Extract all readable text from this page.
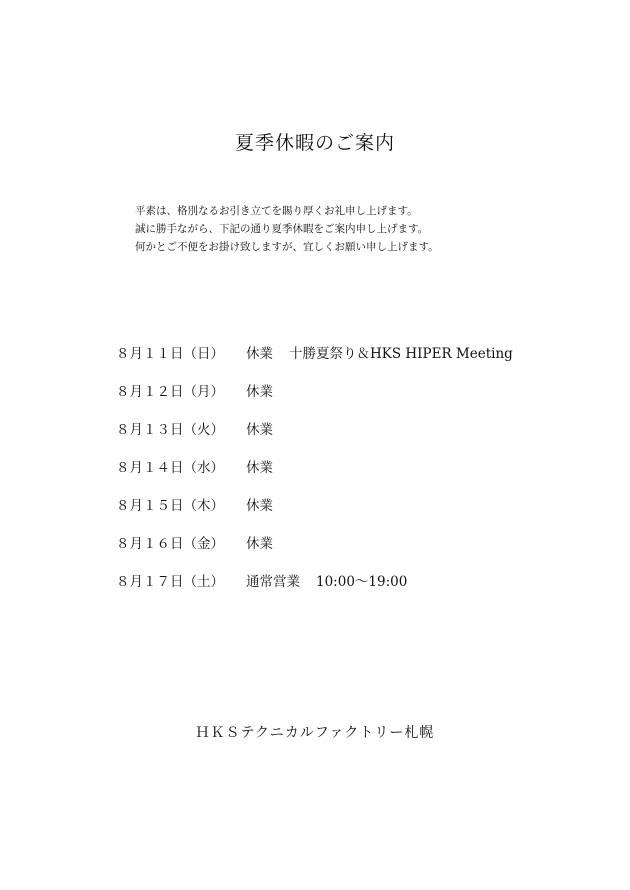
夏季休暇のご案内
平素は、格別なるお引き立てを賜り厚くお礼申し上げます。
誠に勝手ながら、下記の通り夏季休暇をご案内申し上げます。
何かとご不便をお掛け致しますが、宜しくお願い申し上げます。
８月１１日（日）	休業 十勝夏祭り＆HKS HIPER Meeting
８月１２日（月）	休業
８月１３日（火）	休業
８月１４日（水）	休業
８月１５日（木）	休業
８月１６日（金）	休業
８月１７日（土）	通常営業 10:00～19:00
ＨＫＳテクニカルファクトリー札幌
